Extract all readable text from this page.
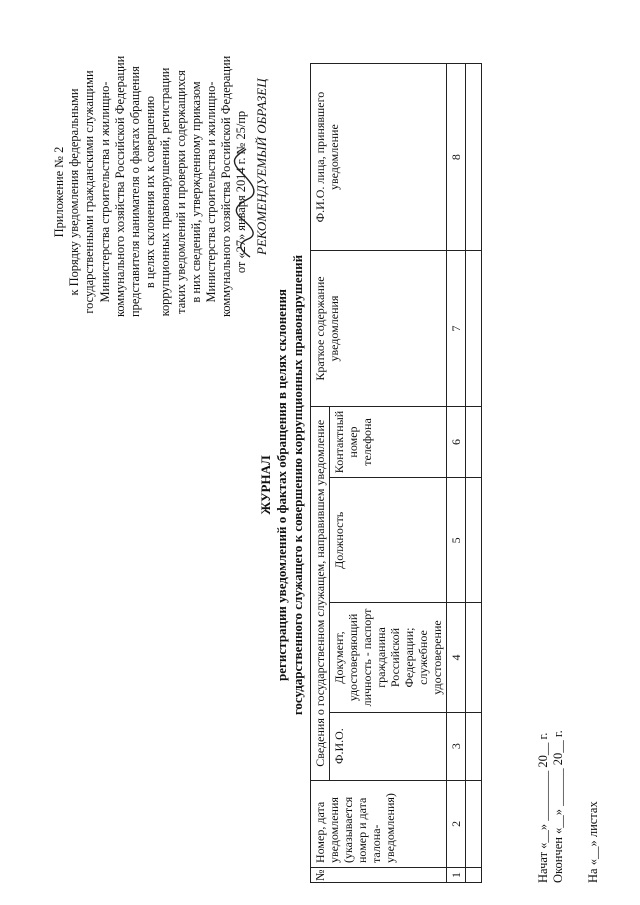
Приложение № 2 к Порядку уведомления федеральными государственными гражданскими служащими Министерства строительства и жилищно- коммунального хозяйства Российской Федерации представителя нанимателя о фактах обращения в целях склонения их к совершению коррупционных правонарушений, регистрации таких уведомлений и проверки содержащихся в них сведений, утвержденному приказом Министерства строительства и жилищно- коммунального хозяйства Российской Федерации от «27» января 2014 г. № 25/пр РЕКОМЕНДУЕМЫЙ ОБРАЗЕЦ
ЖУРНАЛ регистрации уведомлений о фактах обращения в целях склонения государственного служащего к совершению коррупционных правонарушений
№	Номер, дата уведомления (указывается номер и дата талона-уведомления)	Сведения о государственном служащем, направившем уведомление				Краткое содержание уведомления	Ф.И.О. лица, принявшего уведомление
		Ф.И.О.	Документ, удостоверяющий личность - паспорт гражданина Российской Федерации; служебное удостоверение	Должность	Контактный номер телефона		
1	2	3	4	5	6	7	8

Начат «__» ________ 20__ г. Окончен «__» ______ 20__ г. На «__» листах
